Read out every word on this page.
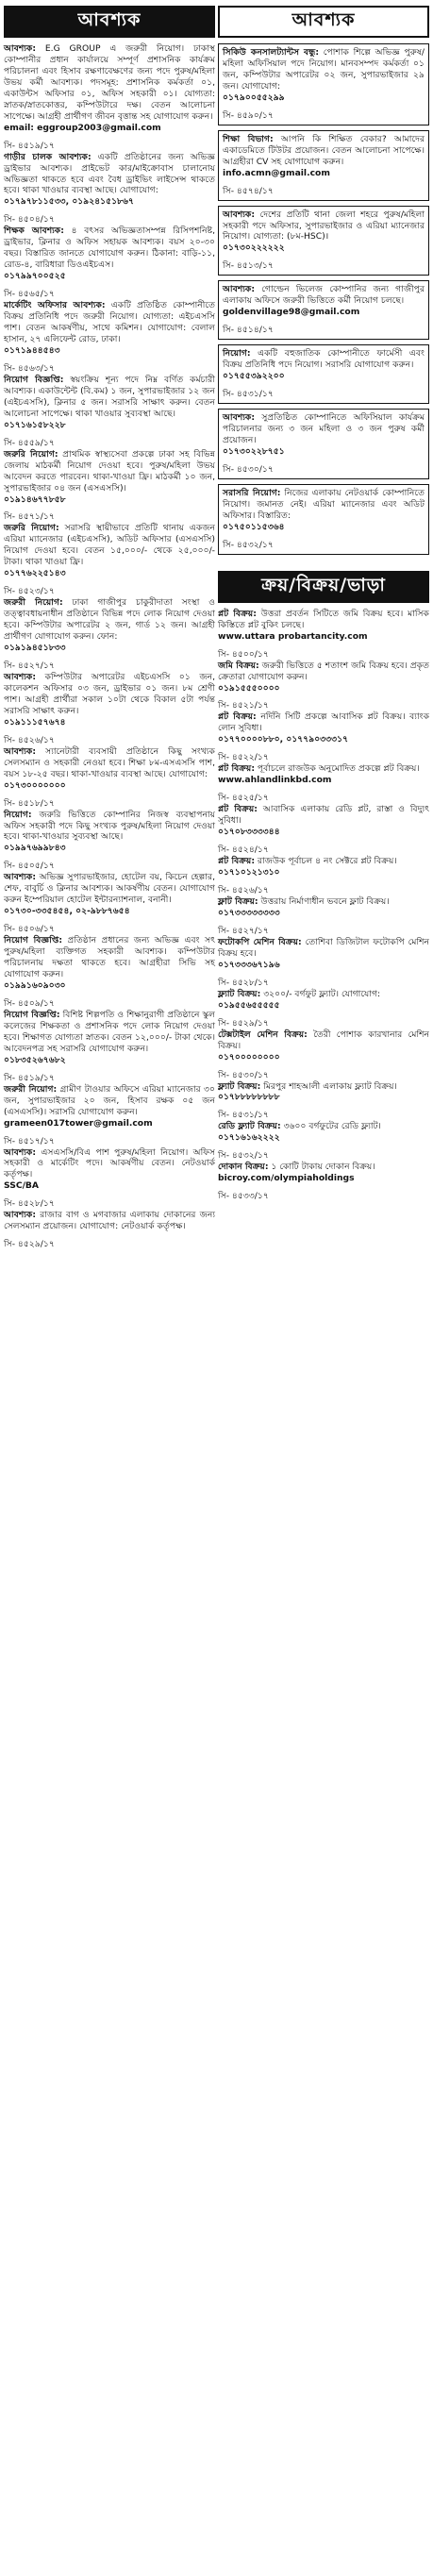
আবশ্যক

আবশ্যক: E.G GROUP এ জরুরী নিয়োগ। ঢাকাস্থ কোম্পানীর প্রধান কার্যালয়ে সম্পূর্ণ প্রশাসনিক কার্যক্রম পরিচালনা এবং হিসাব রক্ষণাবেক্ষণের জন্য পদে পুরুষ/মহিলা উভয় কর্মী আবশ্যক। পদসমূহ: প্রশাসনিক কর্মকর্তা ০১, একাউন্টস অফিসার ০১, অফিস সহকারী ০১। যোগ্যতা: স্নাতক/স্নাতকোত্তর, কম্পিউটারে দক্ষ। বেতন আলোচনা সাপেক্ষে। আগ্রহী প্রার্থীগণ জীবন বৃত্তান্ত সহ যোগাযোগ করুন।
email: eggroup2003@gmail.com

সি- ৪৫১৯/১৭

গাড়ীর চালক আবশ্যক: একটি প্রতিষ্ঠানের জন্য অভিজ্ঞ ড্রাইভার আবশ্যক। প্রাইভেট কার/মাইক্রোবাস চালানোয় অভিজ্ঞতা থাকতে হবে এবং বৈধ ড্রাইভিং লাইসেন্স থাকতে হবে। থাকা খাওয়ার ব্যবস্থা আছে। যোগাযোগ:
০১৭৯৭৮১১৫৩৩, ০১৯২৪১৫১৮৬৭

সি- ৪৫০৪/১৭

শিক্ষক আবশ্যক: ৪ বৎসর অভিজ্ঞতাসম্পন্ন রিসিপশনিষ্ট, ড্রাইভার, ক্লিনার ও অফিস সহায়ক আবশ্যক। বয়স ২০-৩০ বছর। বিস্তারিত জানতে যোগাযোগ করুন। ঠিকানা: বাড়ি-১১, রোড-৪, বারিধারা ডিওএইচএস।
০১৭৯৯৭০০৫২৫

সি- ৪৫৬৫/১৭

মার্কেটিং অফিসার আবশ্যক: একটি প্রতিষ্ঠিত কোম্পানীতে বিক্রয় প্রতিনিধি পদে জরুরী নিয়োগ। যোগ্যতা: এইচএসসি পাশ। বেতন আকর্ষণীয়, সাথে কমিশন। যোগাযোগ: বেলাল হাসান, ২৭ এলিফেন্ট রোড, ঢাকা।
০১৭১৯৪৪৫৪৩

সি- ৪৫৬৩/১৭

নিয়োগ বিজ্ঞপ্তি: স্বয়ংক্রিয় শূন্য পদে নিম্ন বর্ণিত কর্মচারী আবশ্যক। একাউন্টেন্ট (বি.কম) ১ জন, সুপারভাইজার ১২ জন (এইচএসসি), ক্লিনার ৫ জন। সরাসরি সাক্ষাৎ করুন। বেতন আলোচনা সাপেক্ষে। থাকা খাওয়ার সুব্যবস্থা আছে।
০১৭১৬১৫৮২২৮

সি- ৪৫৫৯/১৭

জরুরি নিয়োগ: প্রাথমিক স্বাস্থ্যসেবা প্রকল্পে ঢাকা সহ বিভিন্ন জেলায় মাঠকর্মী নিয়োগ দেওয়া হবে। পুরুষ/মহিলা উভয় আবেদন করতে পারবেন। থাকা-খাওয়া ফ্রি। মাঠকর্মী ১০ জন, সুপারভাইজার ০৪ জন (এসএসসি)।
০১৯১৪৬৭৭৮৫৮

সি- ৪৫৭১/১৭

জরুরি নিয়োগ: সরাসরি স্থায়ীভাবে প্রতিটি থানায় একজন এরিয়া ম্যানেজার (এইচএসসি), অডিট অফিসার (এসএসসি) নিয়োগ দেওয়া হবে। বেতন ১৫,০০০/- থেকে ২৫,০০০/- টাকা। থাকা খাওয়া ফ্রি।
০১৭৭৬২২৫১৪৩

সি- ৪৫২৩/১৭

জরুরী নিয়োগ: ঢাকা গাজীপুর চাকুরীদাতা সংস্থা ও তত্ত্বাবধায়নাধীন প্রতিষ্ঠানে বিভিন্ন পদে লোক নিয়োগ দেওয়া হবে। কম্পিউটার অপারেটর ২ জন, গার্ড ১২ জন। আগ্রহী প্রার্থীগণ যোগাযোগ করুন। ফোন:
০১৯১৯৪৫১৮৩৩

সি- ৪৫২৭/১৭

আবশ্যক: কম্পিউটার অপারেটর এইচএসসি ০১ জন, কালেকশন অফিসার ০৩ জন, ড্রাইভার ০১ জন। ৮ম শ্রেণী পাশ। আগ্রহী প্রার্থীরা সকাল ১০টা থেকে বিকাল ৫টা পর্যন্ত সরাসরি সাক্ষাৎ করুন।
০১৯১১১৫৭৬৭৪

সি- ৪৫২৬/১৭

আবশ্যক: স্যানেটারী ব্যবসায়ী প্রতিষ্ঠানে কিছু সংখ্যক সেলসম্যান ও সহকারী নেওয়া হবে। শিক্ষা ৮ম-এসএসসি পাশ, বয়স ১৮-২৫ বছর। থাকা-খাওয়ার ব্যবস্থা আছে। যোগাযোগ:
০১৭৩০০০০০০০

সি- ৪৫১৮/১৭

নিয়োগ: জরুরি ভিত্তিতে কোম্পানির নিজস্ব ব্যবস্থাপনায় অফিস সহকারী পদে কিছু সংখ্যক পুরুষ/মহিলা নিয়োগ দেওয়া হবে। থাকা-খাওয়ার সুব্যবস্থা আছে।
০১৯৯৭৬৯৯৮৪৩

সি- ৪৫০৫/১৭

আবশ্যক: অভিজ্ঞ সুপারভাইজার, হোটেল বয়, কিচেন হেল্পার, শেফ, বাবুর্চি ও ক্লিনার আবশ্যক। আকর্ষণীয় বেতন। যোগাযোগ করুন ইম্পেরিয়াল হোটেল ইন্টারন্যাশনাল, বনানী।
০১৭৩০-৩৩৫৪৫৪, ০২-৯৮৮৭৬৫৪

সি- ৪৫০৬/১৭

নিয়োগ বিজ্ঞপ্তি: প্রতিষ্ঠান প্রধানের জন্য অভিজ্ঞ এবং সৎ পুরুষ/মহিলা ব্যক্তিগত সহকারী আবশ্যক। কম্পিউটার পরিচালনায় দক্ষতা থাকতে হবে। আগ্রহীরা সিভি সহ যোগাযোগ করুন।
০১৯৯১৬০৯০৩০

সি- ৪৫০৯/১৭

নিয়োগ বিজ্ঞপ্তি: বিশিষ্ট শিল্পপতি ও শিক্ষানুরাগী প্রতিষ্ঠানে স্কুল কলেজের শিক্ষকতা ও প্রশাসনিক পদে লোক নিয়োগ দেওয়া হবে। শিক্ষাগত যোগ্যতা স্নাতক। বেতন ১২,০০০/- টাকা থেকে। আবেদনপত্র সহ সরাসরি যোগাযোগ করুন।
০১৮৩৫২৬৭৬৮২

সি- ৪৫১৯/১৭

জরুরী নিয়োগ: গ্রামীণ টাওয়ার অফিসে এরিয়া ম্যানেজার ৩০ জন, সুপারভাইজার ২০ জন, হিসাব রক্ষক ০৫ জন (এসএসসি)। সরাসরি যোগাযোগ করুন।
grameen017tower@gmail.com

সি- ৪৫১৭/১৭

আবশ্যক: এসএসসি/বিএ পাশ পুরুষ/মহিলা নিয়োগ। অফিস সহকারী ও মার্কেটিং পদে। আকর্ষণীয় বেতন। নেটওয়ার্ক কর্তৃপক্ষ।
SSC/BA

সি- ৪৫২৮/১৭

আবশ্যক: রাজার বাগ ও মগবাজার এলাকায় দোকানের জন্য সেলসম্যান প্রয়োজন। যোগাযোগ: নেটওয়ার্ক কর্তৃপক্ষ।

সি- ৪৫২৯/১৭
আবশ্যক

সিকিউ কনসালট্যান্টস বন্ধু: পোশাক শিল্পে অভিজ্ঞ পুরুষ/মহিলা অফিসিয়াল পদে নিয়োগ। মানবসম্পদ কর্মকর্তা ০১ জন, কম্পিউটার অপারেটর ০২ জন, সুপারভাইজার ২৯ জন। যোগাযোগ:
০১৭৯০০৫৫২৯৯

সি- ৪৫৯০/১৭

শিক্ষা বিভাগ: আপনি কি শিক্ষিত বেকার? আমাদের একাডেমিতে টিউটর প্রয়োজন। বেতন আলোচনা সাপেক্ষে। আগ্রহীরা CV সহ যোগাযোগ করুন।
info.acmn@gmail.com

সি- ৪৫৭৪/১৭

আবশ্যক: দেশের প্রতিটি থানা জেলা শহরে পুরুষ/মহিলা সহকারী পদে অফিসার, সুপারভাইজার ও এরিয়া ম্যানেজার নিয়োগ। যোগ্যতা: (৮ম-HSC)।
০১৭৩০২২২২২২

সি- ৪৫১৩/১৭

আবশ্যক: গোল্ডেন ভিলেজ কোম্পানির জন্য গাজীপুর এলাকায় অফিসে জরুরী ভিত্তিতে কর্মী নিয়োগ চলছে।
goldenvillage98@gmail.com

সি- ৪৫১৪/১৭

নিয়োগ: একটি বহুজাতিক কোম্পানীতে ফার্মেসী এবং বিক্রয় প্রতিনিধি পদে নিয়োগ। সরাসরি যোগাযোগ করুন।
০১৭৫৫৩৯২২০০

সি- ৪৫৩১/১৭

আবশ্যক: সুপ্রতিষ্ঠিত কোম্পানিতে অফিসিয়াল কার্যক্রম পরিচালনার জন্য ৩ জন মহিলা ও ৩ জন পুরুষ কর্মী প্রয়োজন।
০১৭৩০২২৮৭৫১

সি- ৪৫৩০/১৭

সরাসরি নিয়োগ: নিজের এলাকায় নেটওয়ার্ক কোম্পানিতে নিয়োগ। জমানত নেই। এরিয়া ম্যানেজার এবং অডিট অফিসার। বিস্তারিত:
০১৭৫০১১৫৩৬৪

সি- ৪৫৩২/১৭
ক্রয়/বিক্রয়/ভাড়া

প্লট বিক্রয়: উত্তরা প্রবর্তন সিটিতে জমি বিক্রয় হবে। মাসিক কিস্তিতে প্লট বুকিং চলছে।
www.uttara probartancity.com

সি- ৪৫০০/১৭

জমি বিক্রয়: জরুরী ভিত্তিতে ৫ শতাংশ জমি বিক্রয় হবে। প্রকৃত ক্রেতারা যোগাযোগ করুন।
০১৯১৫৫৫০০০০

সি- ৪৫২১/১৭

প্লট বিক্রয়: নর্দিনি সিটি প্রকল্পে আবাসিক প্লট বিক্রয়। ব্যাংক লোন সুবিধা।
০১৭৭০০০০৮৮০, ০১৭৭৯০৩৩৩১৭

সি- ৪৫২২/১৭

প্লট বিক্রয়: পূর্বাচলে রাজউক অনুমোদিত প্রকল্পে প্লট বিক্রয়।
www.ahlandlinkbd.com

সি- ৪৫২৫/১৭

প্লট বিক্রয়: আবাসিক এলাকায় রেডি প্লট, রাস্তা ও বিদ্যুৎ সুবিধা।
০১৭০৮৩৩৩৩৪৪

সি- ৪৫২৪/১৭

প্লট বিক্রয়: রাজউক পূর্বাচল ৪ নং সেক্টরে প্লট বিক্রয়।
০১৭১০১২১৩১০

সি- ৪৫২৬/১৭

ফ্লাট বিক্রয়: উত্তরায় নির্মাণাধীন ভবনে ফ্লাট বিক্রয়।
০১৭৩৩৩৩৩৩৩৩

সি- ৪৫২৭/১৭

ফটোকপি মেশিন বিক্রয়: তোশিবা ডিজিটাল ফটোকপি মেশিন বিক্রয় হবে।
০১৭৩৩৩৬৭১৯৬

সি- ৪৫২৮/১৭

ফ্ল্যাট বিক্রয়: ৩২০০/- বর্গফুট ফ্ল্যাট। যোগাযোগ:
০১৯৫৫৬৫৫৫৫৫

সি- ৪৫২৯/১৭

টেক্সটাইল মেশিন বিক্রয়: তৈরী পোশাক কারখানার মেশিন বিক্রয়।
০১৭০০০০০০০০

সি- ৪৫৩০/১৭

ফ্ল্যাট বিক্রয়: মিরপুর শাহআলী এলাকায় ফ্ল্যাট বিক্রয়।
০১৭৮৮৮৮৮৮৮৮

সি- ৪৫৩১/১৭

রেডি ফ্ল্যাট বিক্রয়: ৩৬০০ বর্গফুটের রেডি ফ্ল্যাট।
০১৭১৬১৬২২২২

সি- ৪৫৩২/১৭

দোকান বিক্রয়: ১ কোটি টাকায় দোকান বিক্রয়।
bicroy.com/olympiaholdings

সি- ৪৫৩৩/১৭
